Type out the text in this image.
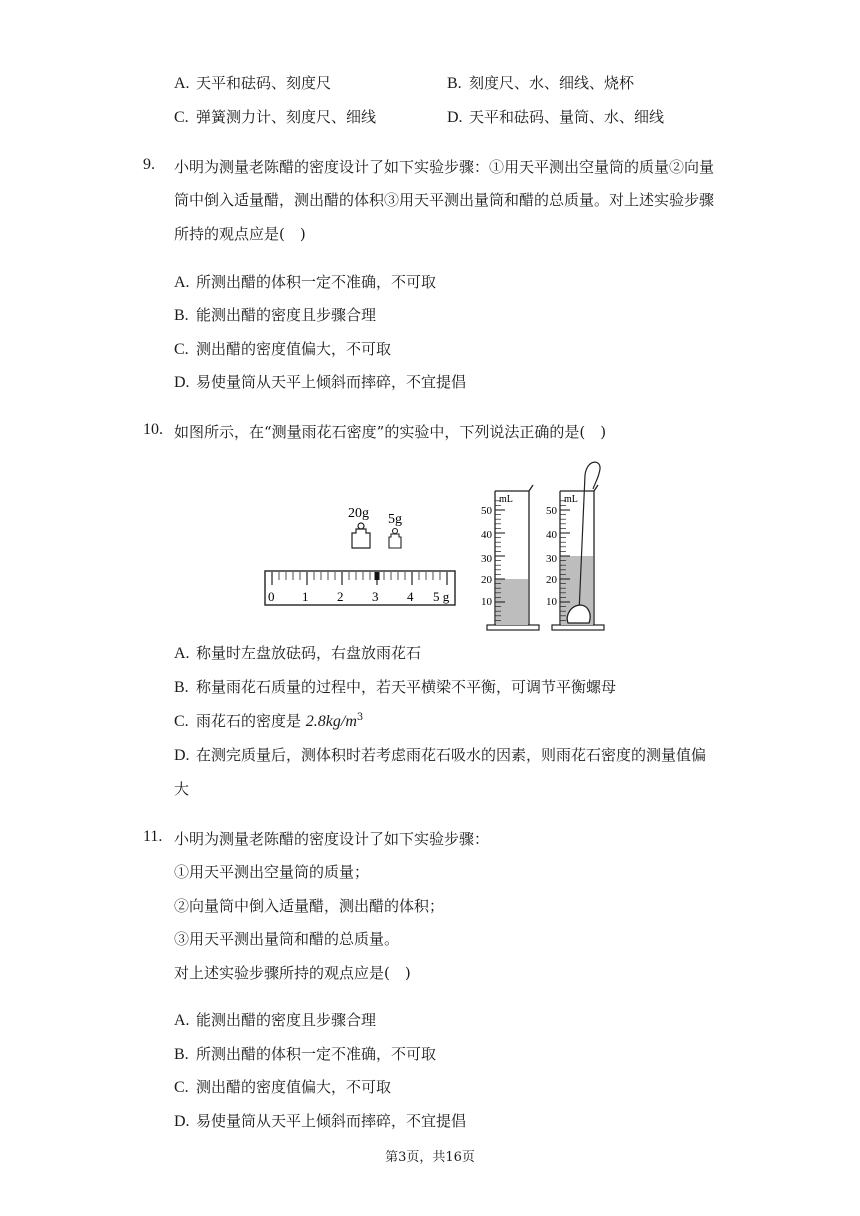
A. 天平和砝码、刻度尺	B. 刻度尺、水、细线、烧杯
C. 弹簧测力计、刻度尺、细线	D. 天平和砝码、量筒、水、细线
9. 小明为测量老陈醋的密度设计了如下实验步骤：①用天平测出空量筒的质量②向量
筒中倒入适量醋，测出醋的体积③用天平测出量筒和醋的总质量。对上述实验步骤
所持的观点应是(　)
A. 所测出醋的体积一定不准确，不可取
B. 能测出醋的密度且步骤合理
C. 测出醋的密度值偏大，不可取
D. 易使量筒从天平上倾斜而摔碎，不宜提倡
10. 如图所示，在“测量雨花石密度”的实验中，下列说法正确的是(　)
20g 5g
0 1 2 3 4 5 g
mL
50
40
30
20
10
mL
50
40
30
20
10
A. 称量时左盘放砝码，右盘放雨花石
B. 称量雨花石质量的过程中，若天平横梁不平衡，可调节平衡螺母
C. 雨花石的密度是 $2.8kg/m^3$
D. 在测完质量后，测体积时若考虑雨花石吸水的因素，则雨花石密度的测量值偏
大
11. 小明为测量老陈醋的密度设计了如下实验步骤：
①用天平测出空量筒的质量；
②向量筒中倒入适量醋，测出醋的体积；
③用天平测出量筒和醋的总质量。
对上述实验步骤所持的观点应是(　)
A. 能测出醋的密度且步骤合理
B. 所测出醋的体积一定不准确，不可取
C. 测出醋的密度值偏大，不可取
D. 易使量筒从天平上倾斜而摔碎，不宜提倡
第3页，共16页
